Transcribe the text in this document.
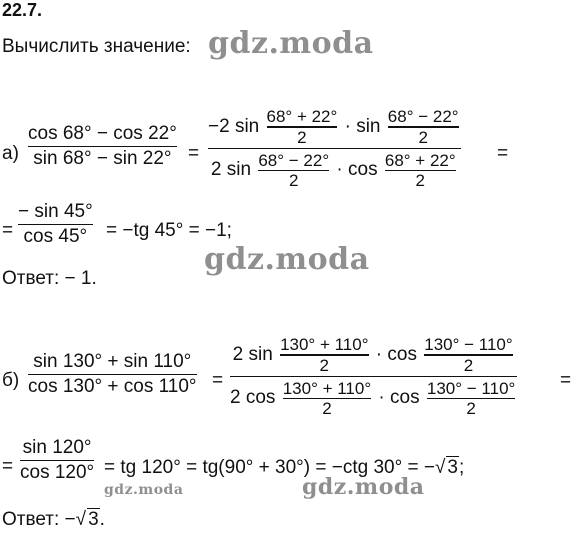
22.7.
Вычислить значение: gdz.moda
а)
cos 68° − cos 22°
sin 68° − sin 22° =
−2 $\sin \frac{68^\circ + 22^\circ}{2} \cdot \sin \frac{68^\circ - 22^\circ}{2}$
2 $\sin \frac{68^\circ - 22^\circ}{2} \cdot \cos \frac{68^\circ + 22^\circ}{2}$ =
=
− sin 45°
cos 45° = −tg 45° = −1;
gdz.moda
Ответ: − 1.
б)
sin 130° + sin 110°
cos 130° + cos 110° =
2 $\sin \frac{130^\circ + 110^\circ}{2} \cdot \cos \frac{130^\circ - 110^\circ}{2}$
2 $\cos \frac{130^\circ + 110^\circ}{2} \cdot \cos \frac{130^\circ - 110^\circ}{2}$ =
=
sin 120°
cos 120° = tg 120° = tg(90° + 30°) = −ctg 30° = −√ 3;
gdz.moda	gdz.moda
Ответ: −√ 3.
